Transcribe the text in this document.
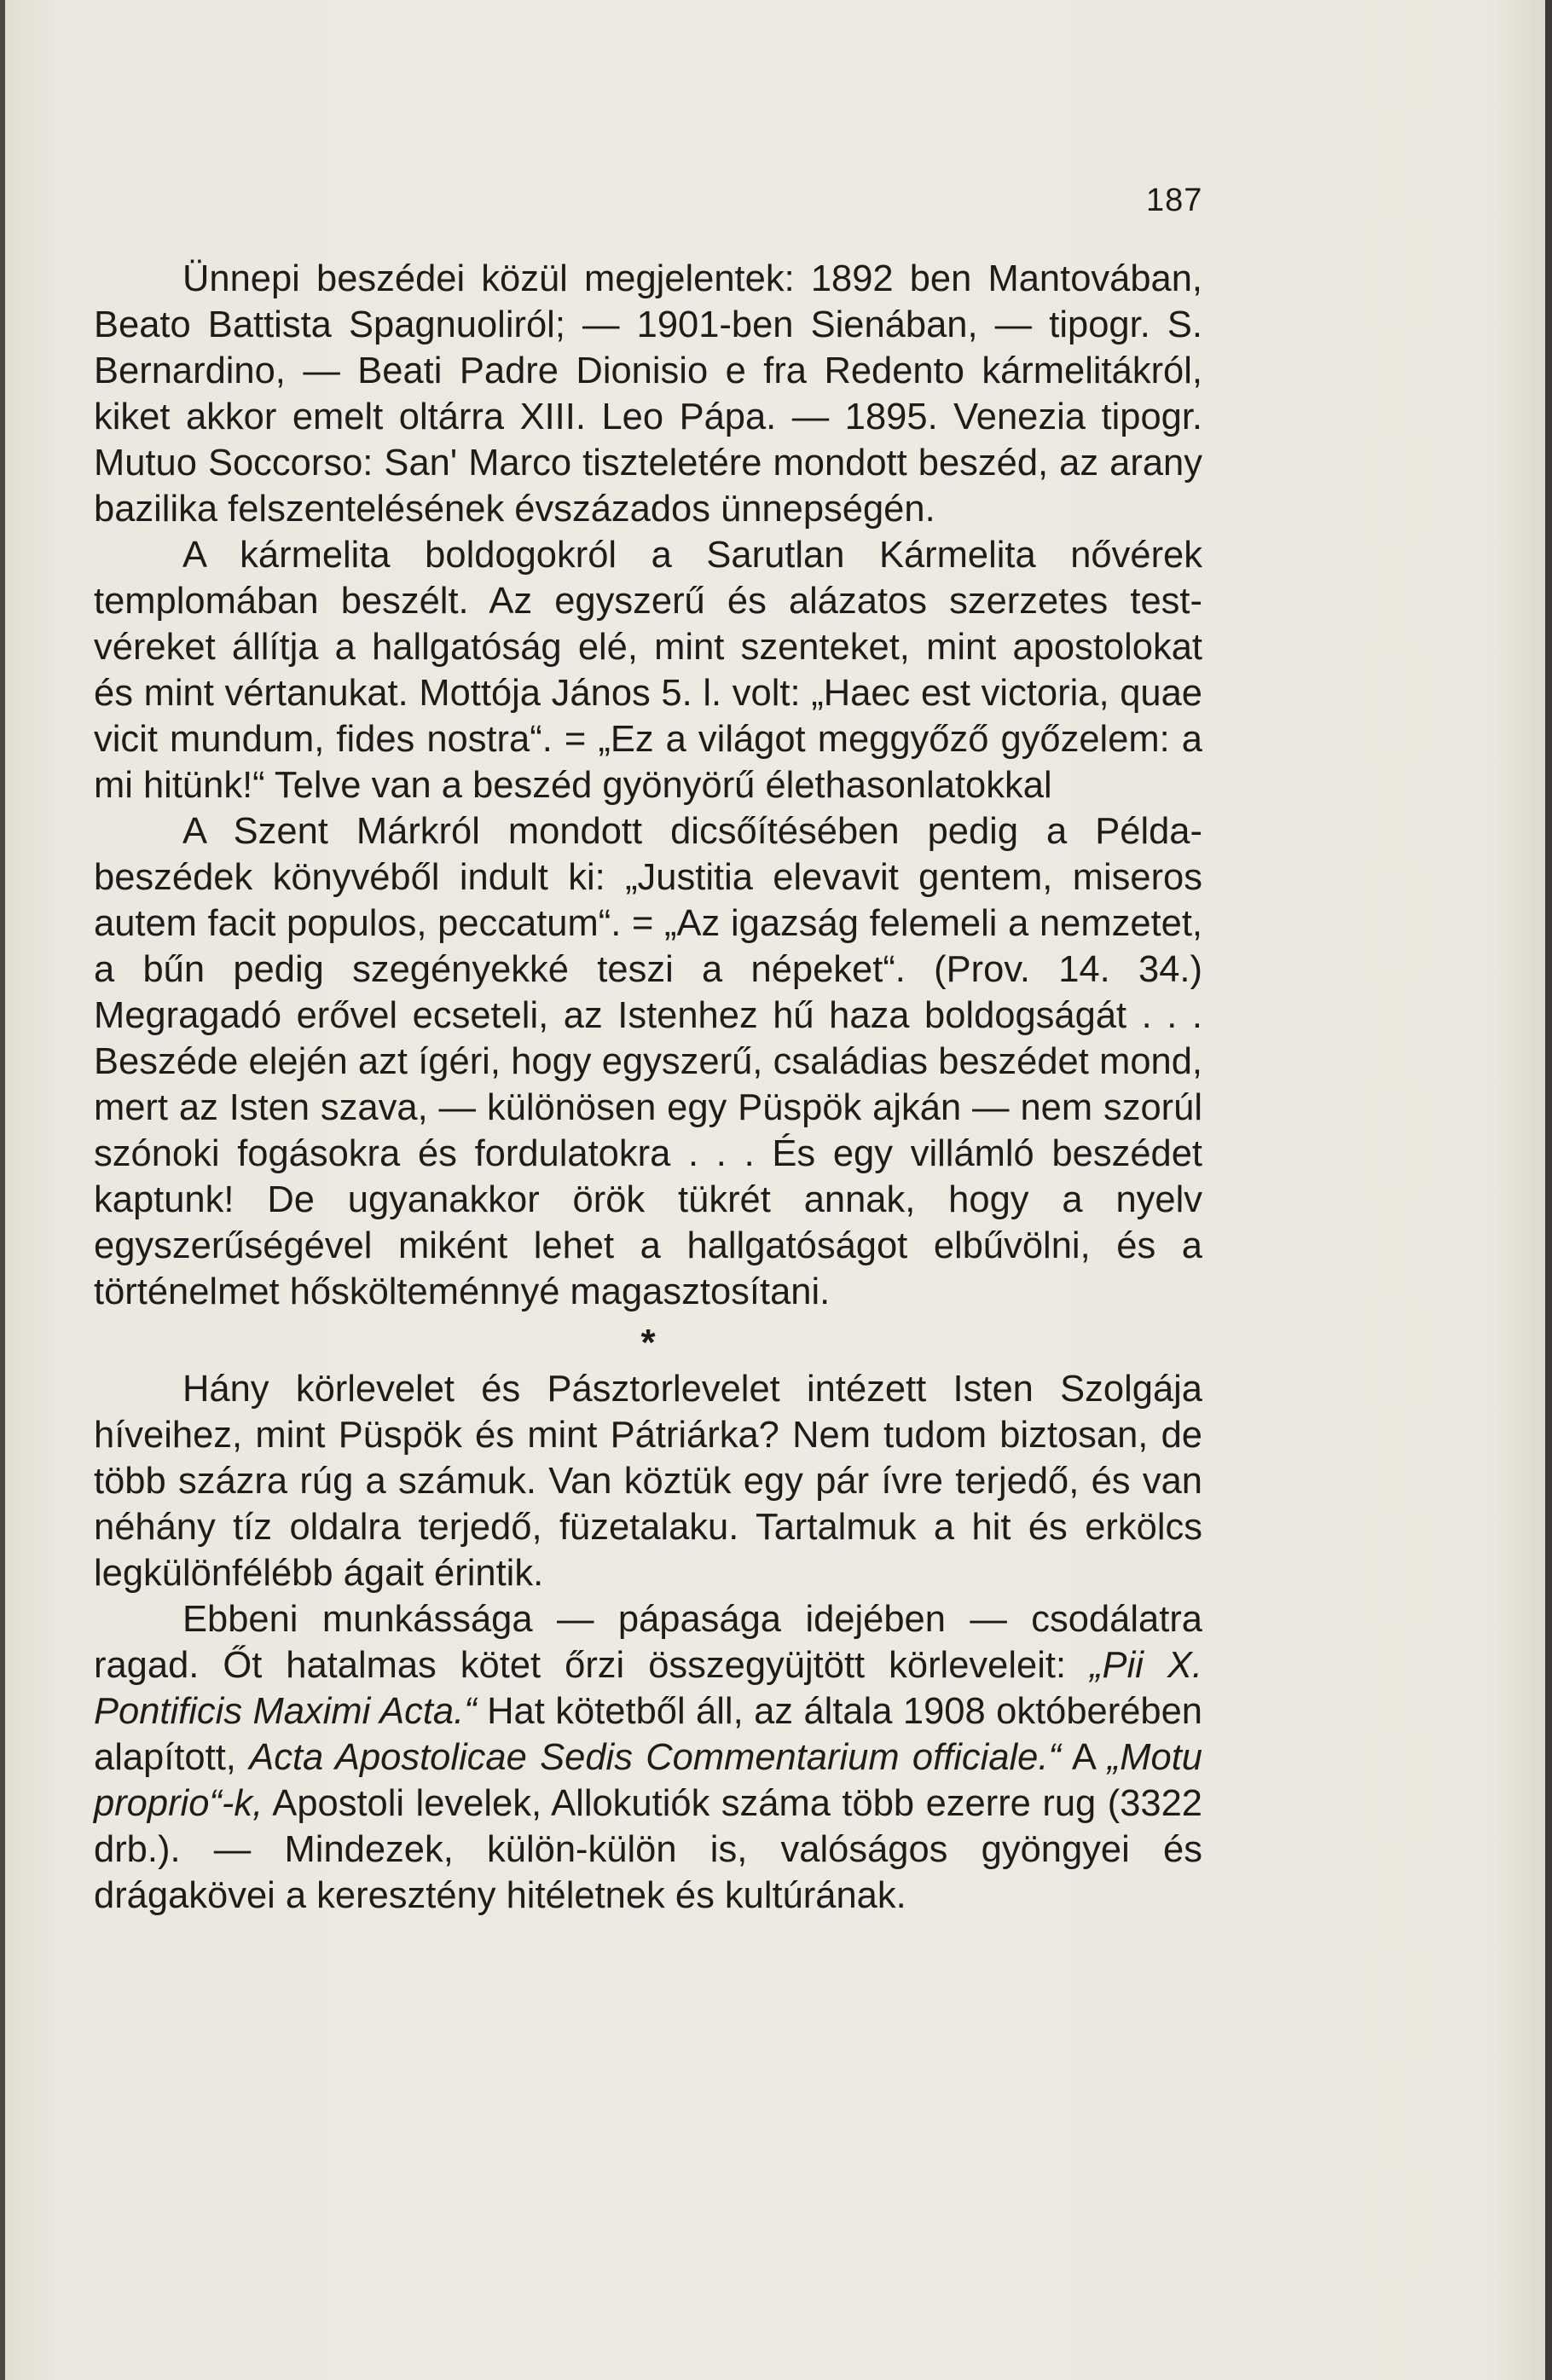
187

Ünnepi beszédei közül megjelentek: 1892 ben Mantovában, Beato Battista Spagnuoliról; — 1901-ben Sienában, — tipogr. S. Bernardino, — Beati Padre Dionisio e fra Redento kármelitákról, kiket akkor emelt oltárra XIII. Leo Pápa. — 1895. Venezia tipogr. Mutuo Soccorso: San' Marco tiszteletére mondott beszéd, az arany bazilika felszentelésének évszázados ünnepségén.

A kármelita boldogokról a Sarutlan Kármelita nővérek templomában beszélt. Az egyszerű és alázatos szerzetes testvéreket állítja a hallgatóság elé, mint szenteket, mint apostolokat és mint vértanukat. Mottója János 5. l. volt: „Haec est victoria, quae vicit mundum, fides nostra“. = „Ez a világot meggyőző győzelem: a mi hitünk!“ Telve van a beszéd gyönyörű élethasonlatokkal

A Szent Márkról mondott dicsőítésében pedig a Példabeszédek könyvéből indult ki: „Justitia elevavit gentem, miseros autem facit populos, peccatum“. = „Az igazság felemeli a nemzetet, a bűn pedig szegényekké teszi a népeket“. (Prov. 14. 34.) Megragadó erővel ecseteli, az Istenhez hű haza boldogságát . . . Beszéde elején azt ígéri, hogy egyszerű, családias beszédet mond, mert az Isten szava, — különösen egy Püspök ajkán — nem szorúl szónoki fogásokra és fordulatokra . . . És egy villámló beszédet kaptunk! De ugyanakkor örök tükrét annak, hogy a nyelv egyszerűségével miként lehet a hallgatóságot elbűvölni, és a történelmet hőskölteménnyé magasztosítani.

*

Hány körlevelet és Pásztorlevelet intézett Isten Szolgája híveihez, mint Püspök és mint Pátriárka? Nem tudom biztosan, de több százra rúg a számuk. Van köztük egy pár ívre terjedő, és van néhány tíz oldalra terjedő, füzetalaku. Tartalmuk a hit és erkölcs legkülönfélébb ágait érintik.

Ebbeni munkássága — pápasága idejében — csodálatra ragad. Őt hatalmas kötet őrzi összegyüjtött körleveleit: „Pii X. Pontificis Maximi Acta.“ Hat kötetből áll, az általa 1908 októberében alapított, Acta Apostolicae Sedis Commentarium officiale.“ A „Motu proprio“-k, Apostoli levelek, Allokutiók száma több ezerre rug (3322 drb.). — Mindezek, külön-külön is, valóságos gyöngyei és drágakövei a keresztény hitéletnek és kultúrának.
